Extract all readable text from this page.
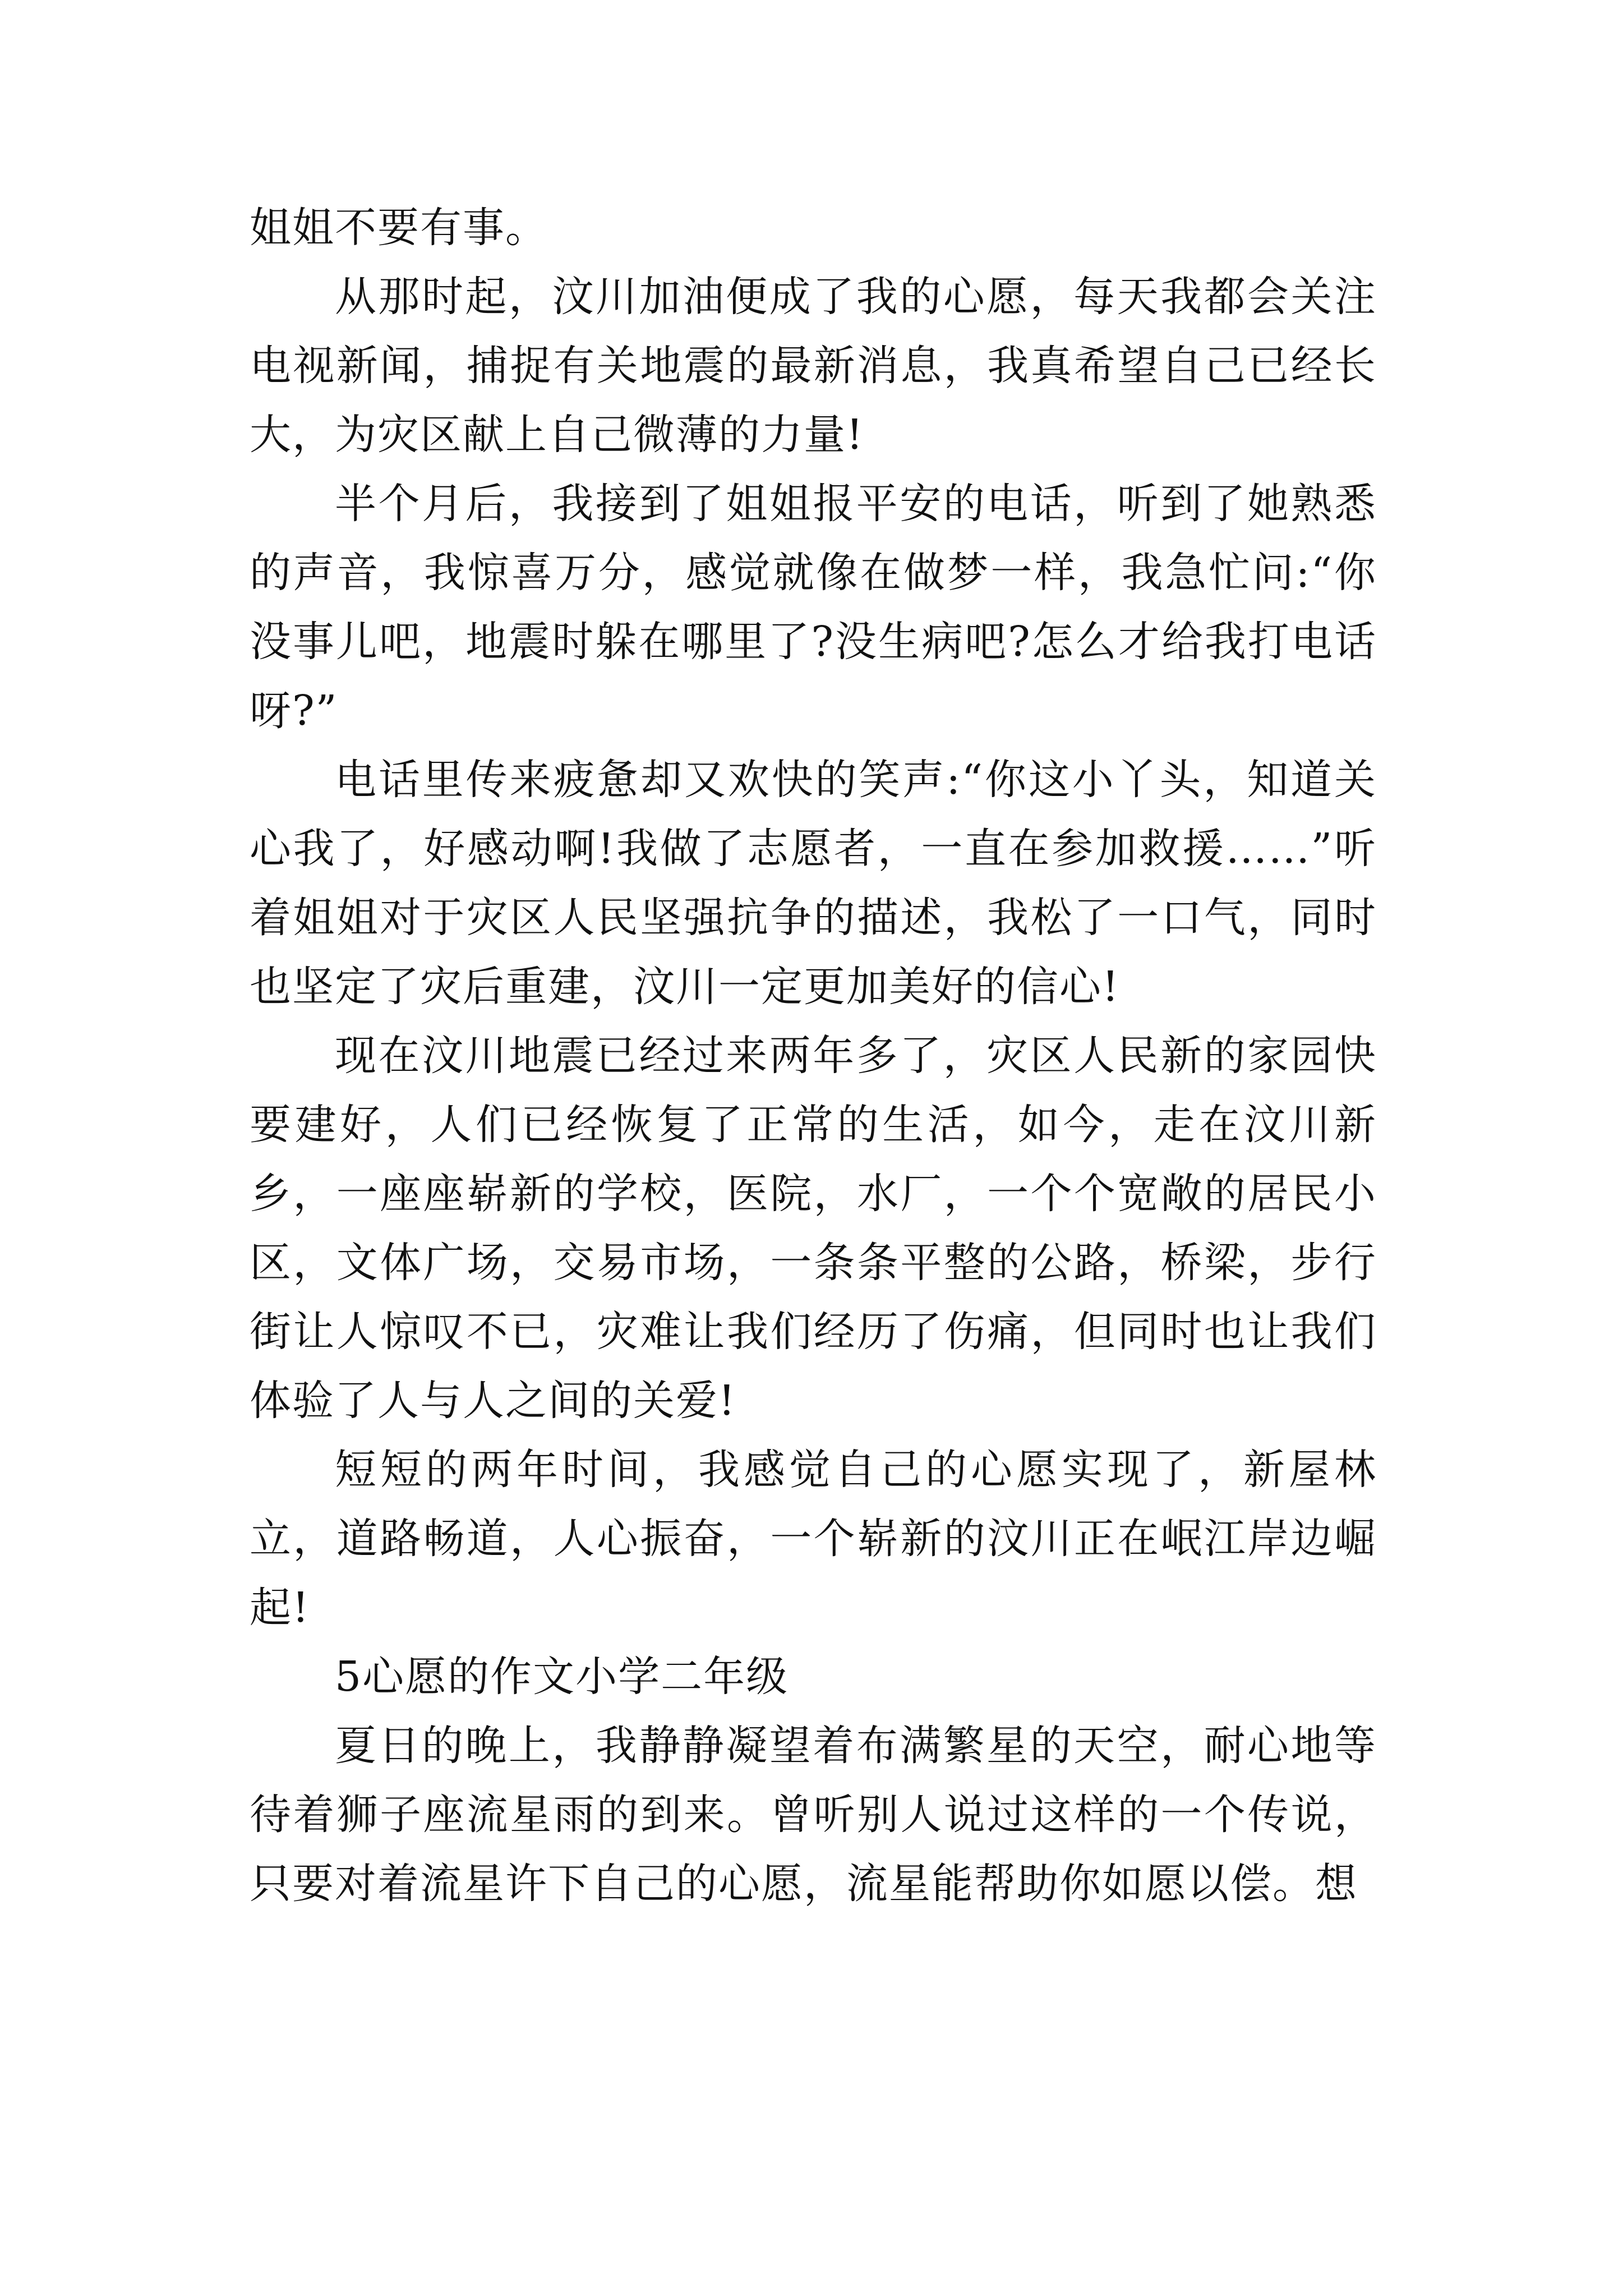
姐姐不要有事。

从那时起，汶川加油便成了我的心愿，每天我都会关注电视新闻，捕捉有关地震的最新消息，我真希望自己已经长大，为灾区献上自己微薄的力量!

半个月后，我接到了姐姐报平安的电话，听到了她熟悉的声音，我惊喜万分，感觉就像在做梦一样，我急忙问:“你没事儿吧，地震时躲在哪里了?没生病吧?怎么才给我打电话呀?”

电话里传来疲惫却又欢快的笑声:“你这小丫头，知道关心我了，好感动啊!我做了志愿者，一直在参加救援……”听着姐姐对于灾区人民坚强抗争的描述，我松了一口气，同时也坚定了灾后重建，汶川一定更加美好的信心!

现在汶川地震已经过来两年多了，灾区人民新的家园快要建好，人们已经恢复了正常的生活，如今，走在汶川新乡，一座座崭新的学校，医院，水厂，一个个宽敞的居民小区，文体广场，交易市场，一条条平整的公路，桥梁，步行街让人惊叹不已，灾难让我们经历了伤痛，但同时也让我们体验了人与人之间的关爱!

短短的两年时间，我感觉自己的心愿实现了，新屋林立，道路畅道，人心振奋，一个崭新的汶川正在岷江岸边崛起!

5心愿的作文小学二年级

夏日的晚上，我静静凝望着布满繁星的天空，耐心地等待着狮子座流星雨的到来。曾听别人说过这样的一个传说，只要对着流星许下自己的心愿，流星能帮助你如愿以偿。想
